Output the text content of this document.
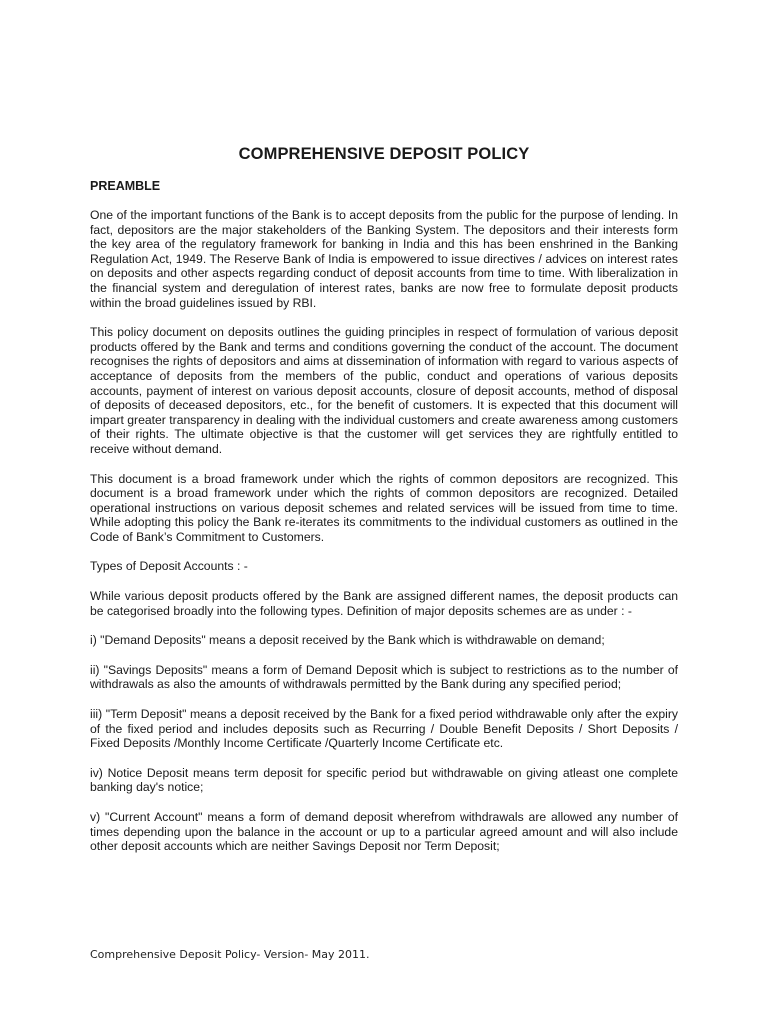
COMPREHENSIVE DEPOSIT POLICY
PREAMBLE

One of the important functions of the Bank is to accept deposits from the public for the purpose of lending. In fact, depositors are the major stakeholders of the Banking System. The depositors and their interests form the key area of the regulatory framework for banking in India and this has been enshrined in the Banking Regulation Act, 1949. The Reserve Bank of India is empowered to issue directives / advices on interest rates on deposits and other aspects regarding conduct of deposit accounts from time to time. With liberalization in the financial system and deregulation of interest rates, banks are now free to formulate deposit products within the broad guidelines issued by RBI.

This policy document on deposits outlines the guiding principles in respect of formulation of various deposit products offered by the Bank and terms and conditions governing the conduct of the account. The document recognises the rights of depositors and aims at dissemination of information with regard to various aspects of acceptance of deposits from the members of the public, conduct and operations of various deposits accounts, payment of interest on various deposit accounts, closure of deposit accounts, method of disposal of deposits of deceased depositors, etc., for the benefit of customers. It is expected that this document will impart greater transparency in dealing with the individual customers and create awareness among customers of their rights. The ultimate objective is that the customer will get services they are rightfully entitled to receive without demand.

This document is a broad framework under which the rights of common depositors are recognized. This document is a broad framework under which the rights of common depositors are recognized. Detailed operational instructions on various deposit schemes and related services will be issued from time to time. While adopting this policy the Bank re-iterates its commitments to the individual customers as outlined in the Code of Bank’s Commitment to Customers.

Types of Deposit Accounts : -

While various deposit products offered by the Bank are assigned different names, the deposit products can be categorised broadly into the following types. Definition of major deposits schemes are as under : -

i) "Demand Deposits" means a deposit received by the Bank which is withdrawable on demand;

ii) "Savings Deposits" means a form of Demand Deposit which is subject to restrictions as to the number of withdrawals as also the amounts of withdrawals permitted by the Bank during any specified period;

iii) "Term Deposit" means a deposit received by the Bank for a fixed period withdrawable only after the expiry of the fixed period and includes deposits such as Recurring / Double Benefit Deposits / Short Deposits / Fixed Deposits /Monthly Income Certificate /Quarterly Income Certificate etc.

iv) Notice Deposit means term deposit for specific period but withdrawable on giving atleast one complete banking day's notice;

v) "Current Account" means a form of demand deposit wherefrom withdrawals are allowed any number of times depending upon the balance in the account or up to a particular agreed amount and will also include other deposit accounts which are neither Savings Deposit nor Term Deposit;

Comprehensive Deposit Policy- Version- May 2011.
